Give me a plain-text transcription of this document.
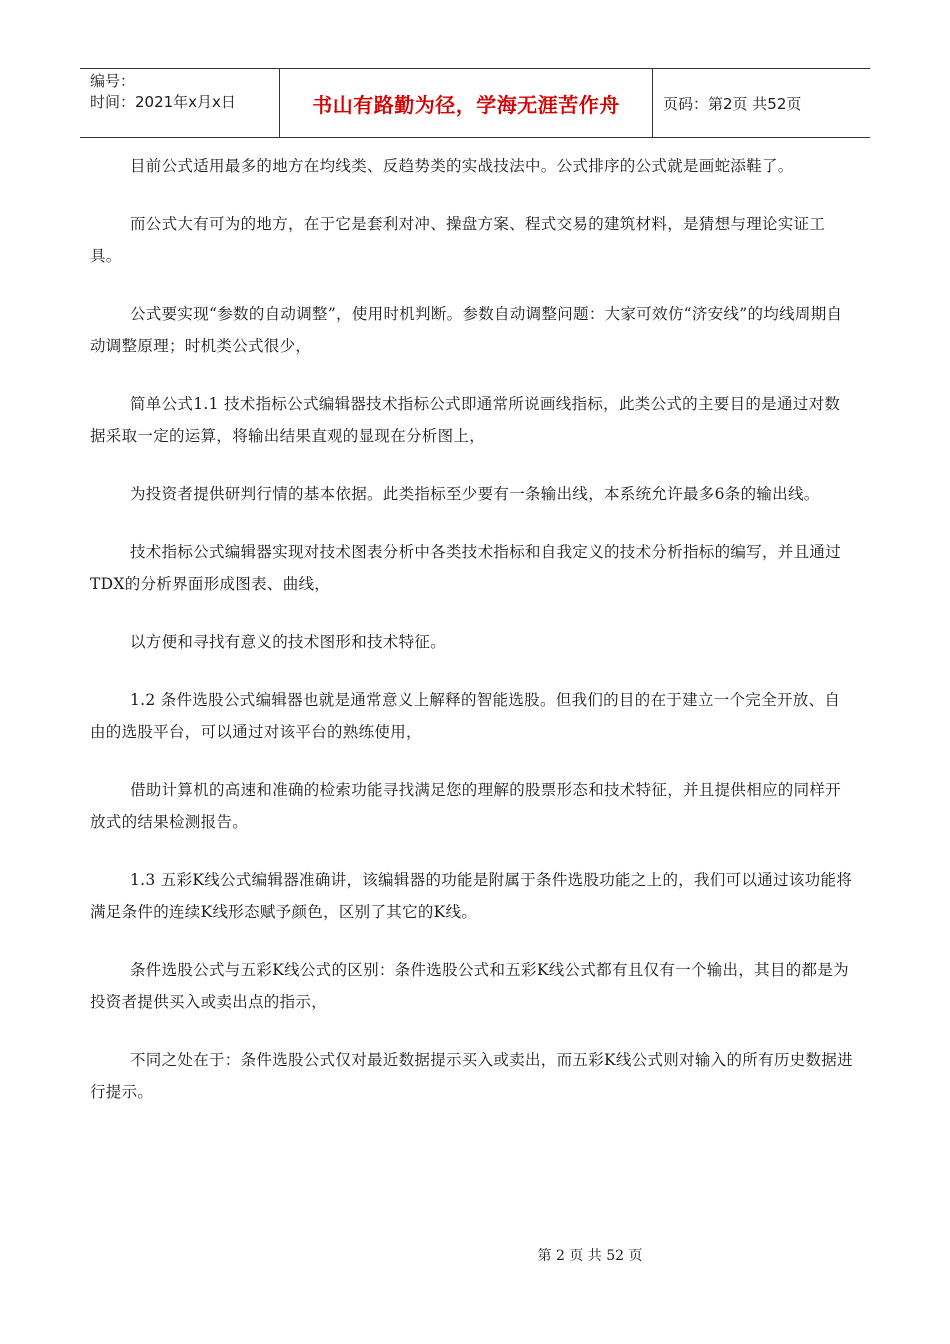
编号：
时间：2021年x月x日	书山有路勤为径，学海无涯苦作舟	页码：第2页 共52页

目前公式适用最多的地方在均线类、反趋势类的实战技法中。公式排序的公式就是画蛇添鞋了。

而公式大有可为的地方，在于它是套利对冲、操盘方案、程式交易的建筑材料，是猜想与理论实证工具。

公式要实现“参数的自动调整”，使用时机判断。参数自动调整问题：大家可效仿“济安线”的均线周期自动调整原理；时机类公式很少，

简单公式1.1 技术指标公式编辑器技术指标公式即通常所说画线指标，此类公式的主要目的是通过对数据采取一定的运算，将输出结果直观的显现在分析图上，

为投资者提供研判行情的基本依据。此类指标至少要有一条输出线，本系统允许最多6条的输出线。

技术指标公式编辑器实现对技术图表分析中各类技术指标和自我定义的技术分析指标的编写，并且通过 TDX的分析界面形成图表、曲线，

以方便和寻找有意义的技术图形和技术特征。

1.2 条件选股公式编辑器也就是通常意义上解释的智能选股。但我们的目的在于建立一个完全开放、自由的选股平台，可以通过对该平台的熟练使用，

借助计算机的高速和准确的检索功能寻找满足您的理解的股票形态和技术特征，并且提供相应的同样开放式的结果检测报告。

1.3 五彩K线公式编辑器准确讲，该编辑器的功能是附属于条件选股功能之上的，我们可以通过该功能将满足条件的连续K线形态赋予颜色，区别了其它的K线。

条件选股公式与五彩K线公式的区别：条件选股公式和五彩K线公式都有且仅有一个输出，其目的都是为投资者提供买入或卖出点的指示，

不同之处在于：条件选股公式仅对最近数据提示买入或卖出，而五彩K线公式则对输入的所有历史数据进行提示。

第 2 页 共 52 页
